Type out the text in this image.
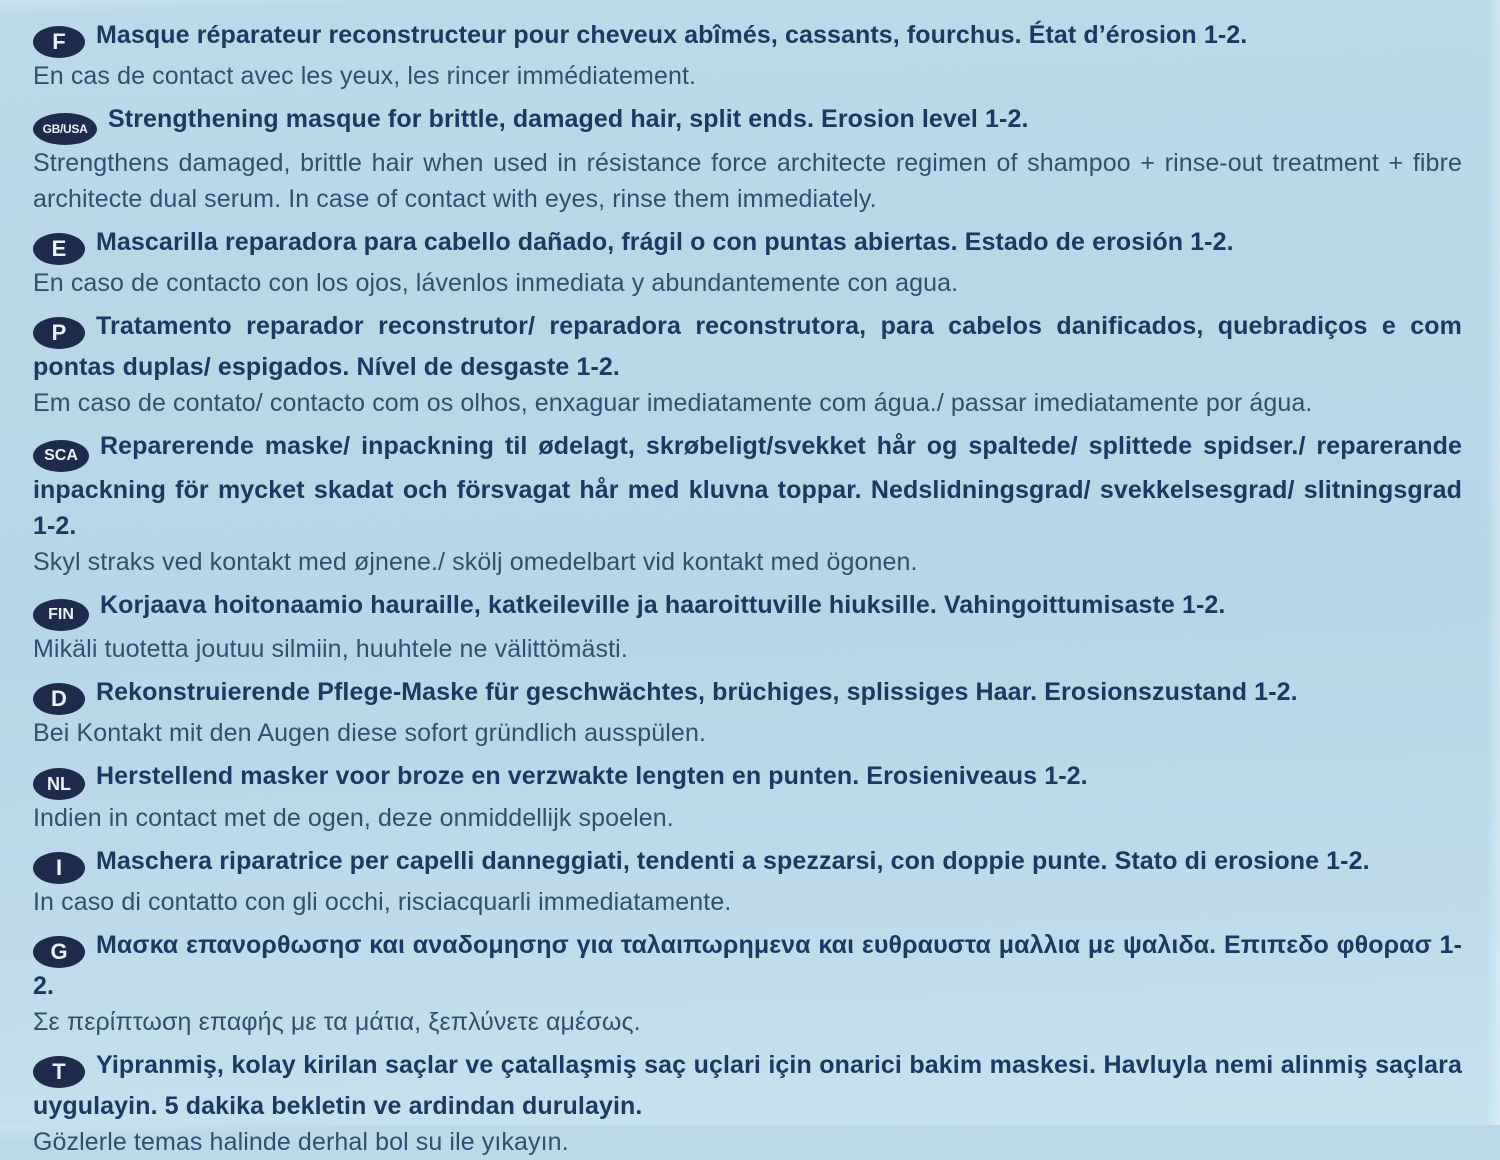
F Masque réparateur reconstructeur pour cheveux abîmés, cassants, fourchus. État d’érosion 1-2.

En cas de contact avec les yeux, les rincer immédiatement.

GB/USA Strengthening masque for brittle, damaged hair, split ends. Erosion level 1-2.

Strengthens damaged, brittle hair when used in résistance force architecte regimen of shampoo + rinse-out treatment + fibre architecte dual serum. In case of contact with eyes, rinse them immediately.

E Mascarilla reparadora para cabello dañado, frágil o con puntas abiertas. Estado de erosión 1-2.

En caso de contacto con los ojos, lávenlos inmediata y abundantemente con agua.

P Tratamento reparador reconstrutor/ reparadora reconstrutora, para cabelos danificados, quebradiços e com pontas duplas/ espigados. Nível de desgaste 1-2.

Em caso de contato/ contacto com os olhos, enxaguar imediatamente com água./ passar imediatamente por água.

SCA Reparerende maske/ inpackning til ødelagt, skrøbeligt/svekket hår og spaltede/ splittede spidser./ reparerande inpackning för mycket skadat och försvagat hår med kluvna toppar. Nedslidningsgrad/ svekkelsesgrad/ slitningsgrad 1-2.

Skyl straks ved kontakt med øjnene./ skölj omedelbart vid kontakt med ögonen.

FIN Korjaava hoitonaamio hauraille, katkeileville ja haaroittuville hiuksille. Vahingoittumisaste 1-2.

Mikäli tuotetta joutuu silmiin, huuhtele ne välittömästi.

D Rekonstruierende Pflege-Maske für geschwächtes, brüchiges, splissiges Haar. Erosionszustand 1-2.

Bei Kontakt mit den Augen diese sofort gründlich ausspülen.

NL Herstellend masker voor broze en verzwakte lengten en punten. Erosieniveaus 1-2.

Indien in contact met de ogen, deze onmiddellijk spoelen.

I Maschera riparatrice per capelli danneggiati, tendenti a spezzarsi, con doppie punte. Stato di erosione 1-2.

In caso di contatto con gli occhi, risciacquarli immediatamente.

G Μασκα επανορθωσησ και αναδομησησ για ταλαιπωρημενα και ευθραυστα μαλλια με ψαλιδα. Επιπεδο φθορασ 1-2.

Σε περίπτωση επαφής με τα μάτια, ξεπλύνετε αμέσως.

T Yipranmiş, kolay kirilan saçlar ve çatallaşmiş saç uçlari için onarici bakim maskesi. Havluyla nemi alinmiş saçlara uygulayin. 5 dakika bekletin ve ardindan durulayin.

Gözlerle temas halinde derhal bol su ile yıkayın.
